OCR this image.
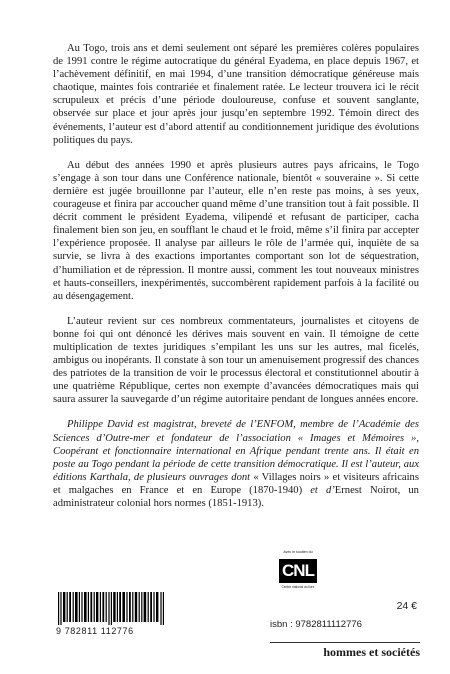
Au Togo, trois ans et demi seulement ont séparé les premières colères populaires de 1991 contre le régime autocratique du général Eyadema, en place depuis 1967, et l’achèvement définitif, en mai 1994, d’une transition démocratique généreuse mais chaotique, maintes fois contrariée et finalement ratée. Le lecteur trouvera ici le récit scrupuleux et précis d’une période douloureuse, confuse et souvent sanglante, observée sur place et jour après jour jusqu’en septembre 1992. Témoin direct des événements, l’auteur est d’abord attentif au conditionnement juridique des évolutions politiques du pays.

Au début des années 1990 et après plusieurs autres pays africains, le Togo s’engage à son tour dans une Conférence nationale, bientôt « souveraine ». Si cette dernière est jugée brouillonne par l’auteur, elle n’en reste pas moins, à ses yeux, courageuse et finira par accoucher quand même d’une transition tout à fait possible. Il décrit comment le président Eyadema, vilipendé et refusant de participer, cacha finalement bien son jeu, en soufflant le chaud et le froid, même s’il finira par accepter l’expérience proposée. Il analyse par ailleurs le rôle de l’armée qui, inquiète de sa survie, se livra à des exactions importantes comportant son lot de séquestration, d’humiliation et de répression. Il montre aussi, comment les tout nouveaux ministres et hauts-conseillers, inexpérimentés, succombèrent rapidement parfois à la facilité ou au désengagement.

L’auteur revient sur ces nombreux commentateurs, journalistes et citoyens de bonne foi qui ont dénoncé les dérives mais souvent en vain. Il témoigne de cette multiplication de textes juridiques s’empilant les uns sur les autres, mal ficelés, ambigus ou inopérants. Il constate à son tour un amenuisement progressif des chances des patriotes de la transition de voir le processus électoral et constitutionnel aboutir à une quatrième République, certes non exempte d’avancées démocratiques mais qui saura assurer la sauvegarde d’un régime autoritaire pendant de longues années encore.

Philippe David est magistrat, breveté de l’ENFOM, membre de l’Académie des Sciences d’Outre-mer et fondateur de l’association « Images et Mémoires », Coopérant et fonctionnaire international en Afrique pendant trente ans. Il était en poste au Togo pendant la période de cette transition démocratique. Il est l’auteur, aux éditions Karthala, de plusieurs ouvrages dont « Villages noirs » et visiteurs africains et malgaches en France et en Europe (1870-1940) et d’Ernest Noirot, un administrateur colonial hors normes (1851-1913).

Avec le soutien du
CNL
Centre national du livre
9 782811 112776
24 €
isbn : 9782811112776
hommes et sociétés
